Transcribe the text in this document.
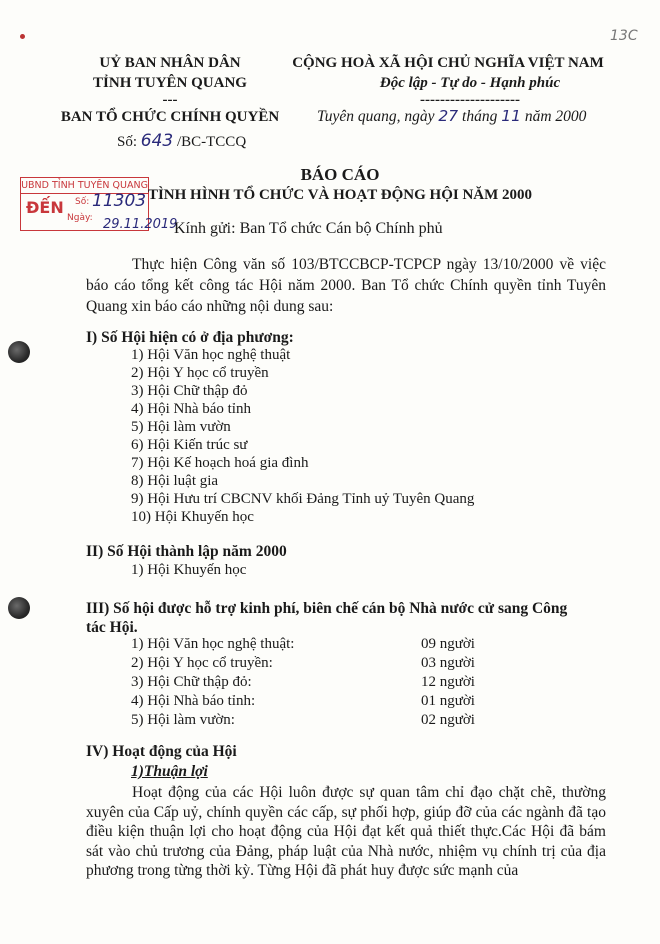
13C
UỶ BAN NHÂN DÂN
TỈNH TUYÊN QUANG
---
BAN TỔ CHỨC CHÍNH QUYỀN
Số: 643 /BC-TCCQ
CỘNG HOÀ XÃ HỘI CHỦ NGHĨA VIỆT NAM
Độc lập - Tự do - Hạnh phúc
--------------------
Tuyên quang, ngày 27 tháng 11 năm 2000
UBND TỈNH TUYÊN QUANG
ĐẾN Số:
Ngày:
11303
29.11.2019
BÁO CÁO
TÌNH HÌNH TỔ CHỨC VÀ HOẠT ĐỘNG HỘI NĂM 2000
Kính gửi: Ban Tổ chức Cán bộ Chính phủ
Thực hiện Công văn số 103/BTCCBCP-TCPCP ngày 13/10/2000 về việc báo cáo tổng kết công tác Hội năm 2000. Ban Tổ chức Chính quyền tỉnh Tuyên Quang xin báo cáo những nội dung sau:
I) Số Hội hiện có ở địa phương:
1) Hội Văn học nghệ thuật
2) Hội Y học cổ truyền
3) Hội Chữ thập đỏ
4) Hội Nhà báo tỉnh
5) Hội làm vườn
6) Hội Kiến trúc sư
7) Hội Kế hoạch hoá gia đình
8) Hội luật gia
9) Hội Hưu trí CBCNV khối Đảng Tỉnh uỷ Tuyên Quang
10) Hội Khuyến học
II) Số Hội thành lập năm 2000
1) Hội Khuyến học
III) Số hội được hỗ trợ kinh phí, biên chế cán bộ Nhà nước cử sang Công
tác Hội.
1) Hội Văn học nghệ thuật:	09 người
2) Hội Y học cổ truyền:	03 người
3) Hội Chữ thập đỏ:	12 người
4) Hội Nhà báo tỉnh:	01 người
5) Hội làm vườn:	02 người
IV) Hoạt động của Hội
1)Thuận lợi
Hoạt động của các Hội luôn được sự quan tâm chỉ đạo chặt chẽ, thường xuyên của Cấp uỷ, chính quyền các cấp, sự phối hợp, giúp đỡ của các ngành đã tạo điều kiện thuận lợi cho hoạt động của Hội đạt kết quả thiết thực.Các Hội đã bám sát vào chủ trương của Đảng, pháp luật của Nhà nước, nhiệm vụ chính trị của địa phương trong từng thời kỳ. Từng Hội đã phát huy được sức mạnh của
